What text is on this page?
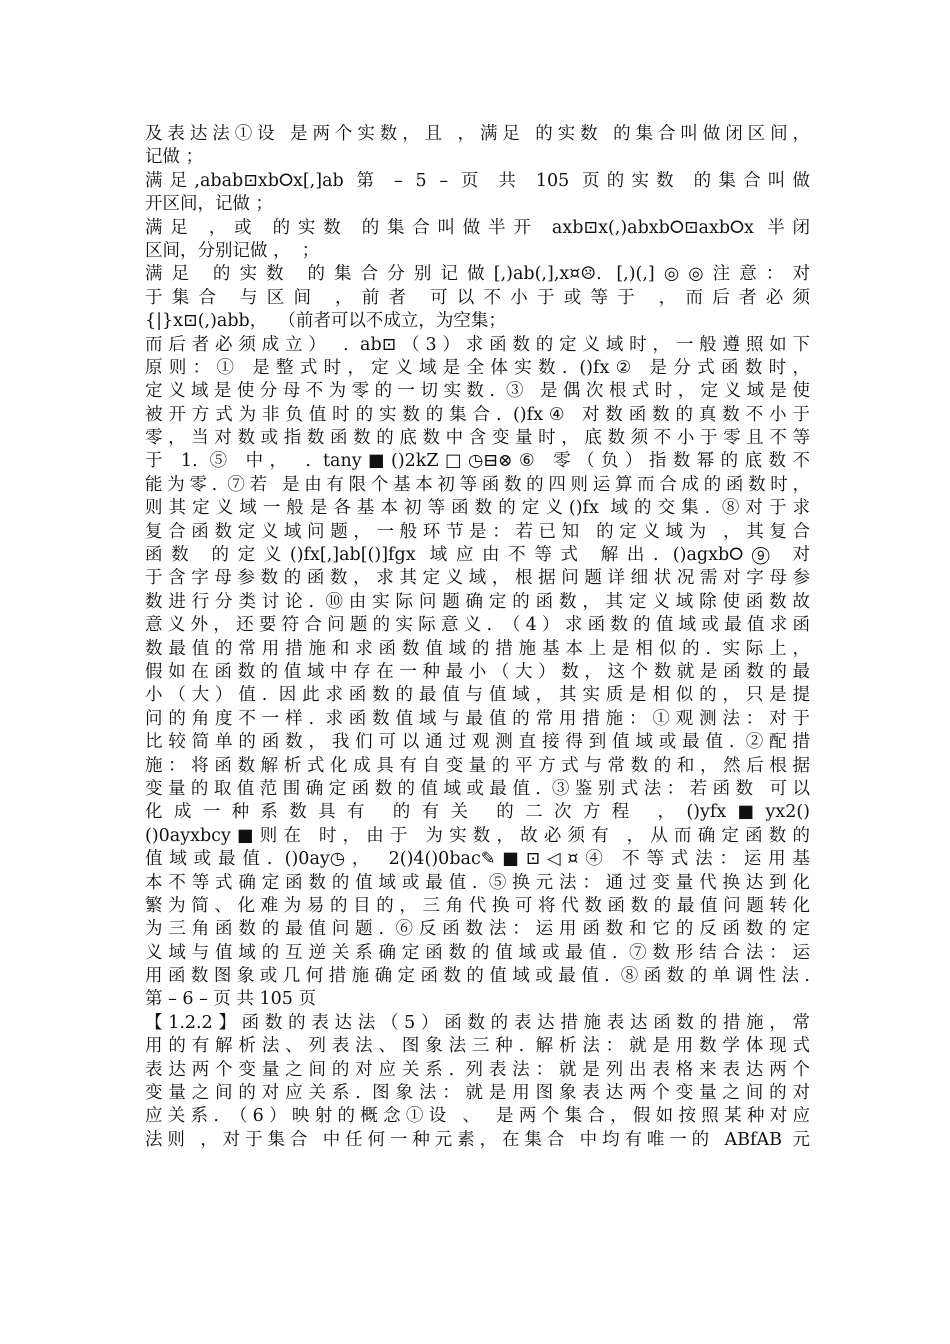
及表达法①设 是两个实数，且 ，满足 的实数 的集合叫做闭区间，
记做 ；
满足,abab⊡xb⭘x[,]ab 第 – 5 – 页 共 105 页的实数 的集合叫做
开区间，记做 ；
满足 ，或 的实数 的集合叫做半开 axb⊡x(,)abxb⭘⊡axb⭘x 半闭
区间，分别记做 ，  ；
满足 的实数 的集合分别记做[,)ab(,],x¤☹. [,)(,]◎◎注意：对
于集合 与区间 ，前者 可以不小于或等于 ，而后者必须
{|}x⊡(,)abb，  （前者可以不成立，为空集；
而后者必须成立） . ab⊡（3）求函数的定义域时，一般遵照如下
原则：① 是整式时，定义域是全体实数. ()fx② 是分式函数时，
定义域是使分母不为零的一切实数. ③ 是偶次根式时，定义域是使
被开方式为非负值时的实数的集合. ()fx④ 对数函数的真数不小于
零，当对数或指数函数的底数中含变量时，底数须不小于零且不等
于 1. ⑤ 中， . tany■()2kZ□◷⊟⊗⑥ 零（负）指数幂的底数不
能为零. ⑦若 是由有限个基本初等函数的四则运算而合成的函数时，
则其定义域一般是各基本初等函数的定义()fx 域的交集. ⑧对于求
复合函数定义域问题，一般环节是：若已知 的定义域为 ，其复合
函数 的定义()fx[,]ab[()]fgx 域应由不等式 解出. ()agxb⭘⑨ 对
于含字母参数的函数，求其定义域，根据问题详细状况需对字母参
数进行分类讨论. ⑩由实际问题确定的函数，其定义域除使函数故
意义外，还要符合问题的实际意义. （4）求函数的值域或最值求函
数最值的常用措施和求函数值域的措施基本上是相似的. 实际上，
假如在函数的值域中存在一种最小（大）数，这个数就是函数的最
小（大）值. 因此求函数的最值与值域，其实质是相似的，只是提
问的角度不一样. 求函数值域与最值的常用措施：①观测法：对于
比较简单的函数，我们可以通过观测直接得到值域或最值. ②配措
施：将函数解析式化成具有自变量的平方式与常数的和，然后根据
变量的取值范围确定函数的值域或最值. ③鉴别式法：若函数 可以
化成一种系数具有 的有关 的二次方程 ，()yfx■yx2()
()0ayxbcy■则在 时，由于 为实数，故必须有 ，从而确定函数的
值域或最值. ()0ay◷， 2()4()0bac✎■⊡◁¤④ 不等式法：运用基
本不等式确定函数的值域或最值. ⑤换元法：通过变量代换达到化
繁为简、化难为易的目的，三角代换可将代数函数的最值问题转化
为三角函数的最值问题. ⑥反函数法：运用函数和它的反函数的定
义域与值域的互逆关系确定函数的值域或最值. ⑦数形结合法：运
用函数图象或几何措施确定函数的值域或最值. ⑧函数的单调性法.
第 – 6 – 页 共 105 页
【1.2.2】函数的表达法（5）函数的表达措施表达函数的措施，常
用的有解析法、列表法、图象法三种. 解析法：就是用数学体现式
表达两个变量之间的对应关系. 列表法：就是列出表格来表达两个
变量之间的对应关系. 图象法：就是用图象表达两个变量之间的对
应关系. （6）映射的概念①设 、 是两个集合，假如按照某种对应
法则 ，对于集合 中任何一种元素，在集合 中均有唯一的 ABfAB 元
